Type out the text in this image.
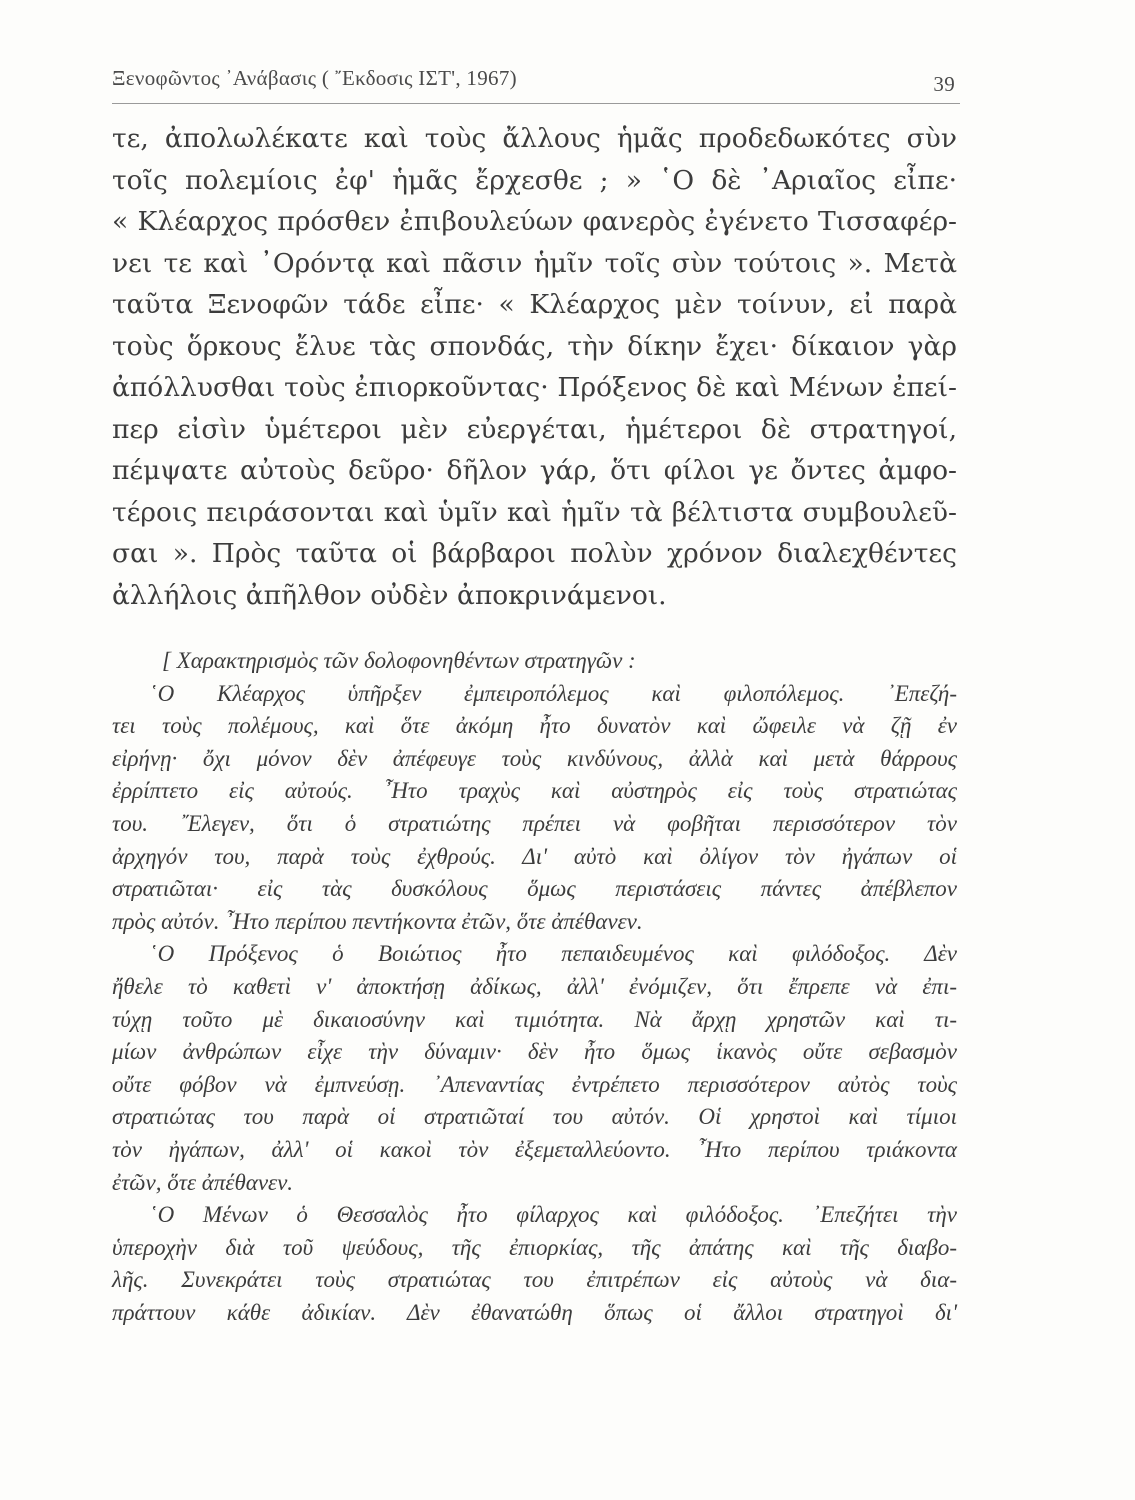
Ξενοφῶντος ᾿Ανάβασις ( ῎Εκδοσις ΙΣΤ', 1967)	39
τε, ἀπολωλέκατε καὶ τοὺς ἄλλους ἡμᾶς προδεδωκότες σὺν
τοῖς πολεμίοις ἐφ' ἡμᾶς ἔρχεσθε ; » ῾Ο δὲ ᾿Αριαῖος εἶπε·
« Κλέαρχος πρόσθεν ἐπιβουλεύων φανερὸς ἐγένετο Τισσαφέρ-
νει τε καὶ ᾿Ορόντᾳ καὶ πᾶσιν ἡμῖν τοῖς σὺν τούτοις ». Μετὰ
ταῦτα Ξενοφῶν τάδε εἶπε· « Κλέαρχος μὲν τοίνυν, εἰ παρὰ
τοὺς ὅρκους ἔλυε τὰς σπονδάς, τὴν δίκην ἔχει· δίκαιον γὰρ
ἀπόλλυσθαι τοὺς ἐπιορκοῦντας· Πρόξενος δὲ καὶ Μένων ἐπεί-
περ εἰσὶν ὑμέτεροι μὲν εὐεργέται, ἡμέτεροι δὲ στρατηγοί,
πέμψατε αὐτοὺς δεῦρο· δῆλον γάρ, ὅτι φίλοι γε ὄντες ἀμφο-
τέροις πειράσονται καὶ ὑμῖν καὶ ἡμῖν τὰ βέλτιστα συμβουλεῦ-
σαι ». Πρὸς ταῦτα οἱ βάρβαροι πολὺν χρόνον διαλεχθέντες
ἀλλήλοις ἀπῆλθον οὐδὲν ἀποκρινάμενοι.
[ Χαρακτηρισμὸς τῶν δολοφονηθέντων στρατηγῶν :
῾Ο Κλέαρχος ὑπῆρξεν ἐμπειροπόλεμος καὶ φιλοπόλεμος. ᾿Επεζή-
τει τοὺς πολέμους, καὶ ὅτε ἀκόμη ἦτο δυνατὸν καὶ ὤφειλε νὰ ζῇ ἐν
εἰρήνῃ· ὄχι μόνον δὲν ἀπέφευγε τοὺς κινδύνους, ἀλλὰ καὶ μετὰ θάρρους
ἐρρίπτετο εἰς αὐτούς. ῏Ητο τραχὺς καὶ αὐστηρὸς εἰς τοὺς στρατιώτας
του. ῎Ελεγεν, ὅτι ὁ στρατιώτης πρέπει νὰ φοβῆται περισσότερον τὸν
ἀρχηγόν του, παρὰ τοὺς ἐχθρούς. Δι' αὐτὸ καὶ ὀλίγον τὸν ἠγάπων οἱ
στρατιῶται· εἰς τὰς δυσκόλους ὅμως περιστάσεις πάντες ἀπέβλεπον
πρὸς αὐτόν. ῏Ητο περίπου πεντήκοντα ἐτῶν, ὅτε ἀπέθανεν.
῾Ο Πρόξενος ὁ Βοιώτιος ἦτο πεπαιδευμένος καὶ φιλόδοξος. Δὲν
ἤθελε τὸ καθετὶ ν' ἀποκτήσῃ ἀδίκως, ἀλλ' ἐνόμιζεν, ὅτι ἔπρεπε νὰ ἐπι-
τύχῃ τοῦτο μὲ δικαιοσύνην καὶ τιμιότητα. Νὰ ἄρχῃ χρηστῶν καὶ τι-
μίων ἀνθρώπων εἶχε τὴν δύναμιν· δὲν ἦτο ὅμως ἱκανὸς οὔτε σεβασμὸν
οὔτε φόβον νὰ ἐμπνεύσῃ. ᾿Απεναντίας ἐντρέπετο περισσότερον αὐτὸς τοὺς
στρατιώτας του παρὰ οἱ στρατιῶταί του αὐτόν. Οἱ χρηστοὶ καὶ τίμιοι
τὸν ἠγάπων, ἀλλ' οἱ κακοὶ τὸν ἐξεμεταλλεύοντο. ῏Ητο περίπου τριάκοντα
ἐτῶν, ὅτε ἀπέθανεν.
῾Ο Μένων ὁ Θεσσαλὸς ἦτο φίλαρχος καὶ φιλόδοξος. ᾿Επεζήτει τὴν
ὑπεροχὴν διὰ τοῦ ψεύδους, τῆς ἐπιορκίας, τῆς ἀπάτης καὶ τῆς διαβο-
λῆς. Συνεκράτει τοὺς στρατιώτας του ἐπιτρέπων εἰς αὐτοὺς νὰ δια-
πράττουν κάθε ἀδικίαν. Δὲν ἐθανατώθη ὅπως οἱ ἄλλοι στρατηγοὶ δι'
